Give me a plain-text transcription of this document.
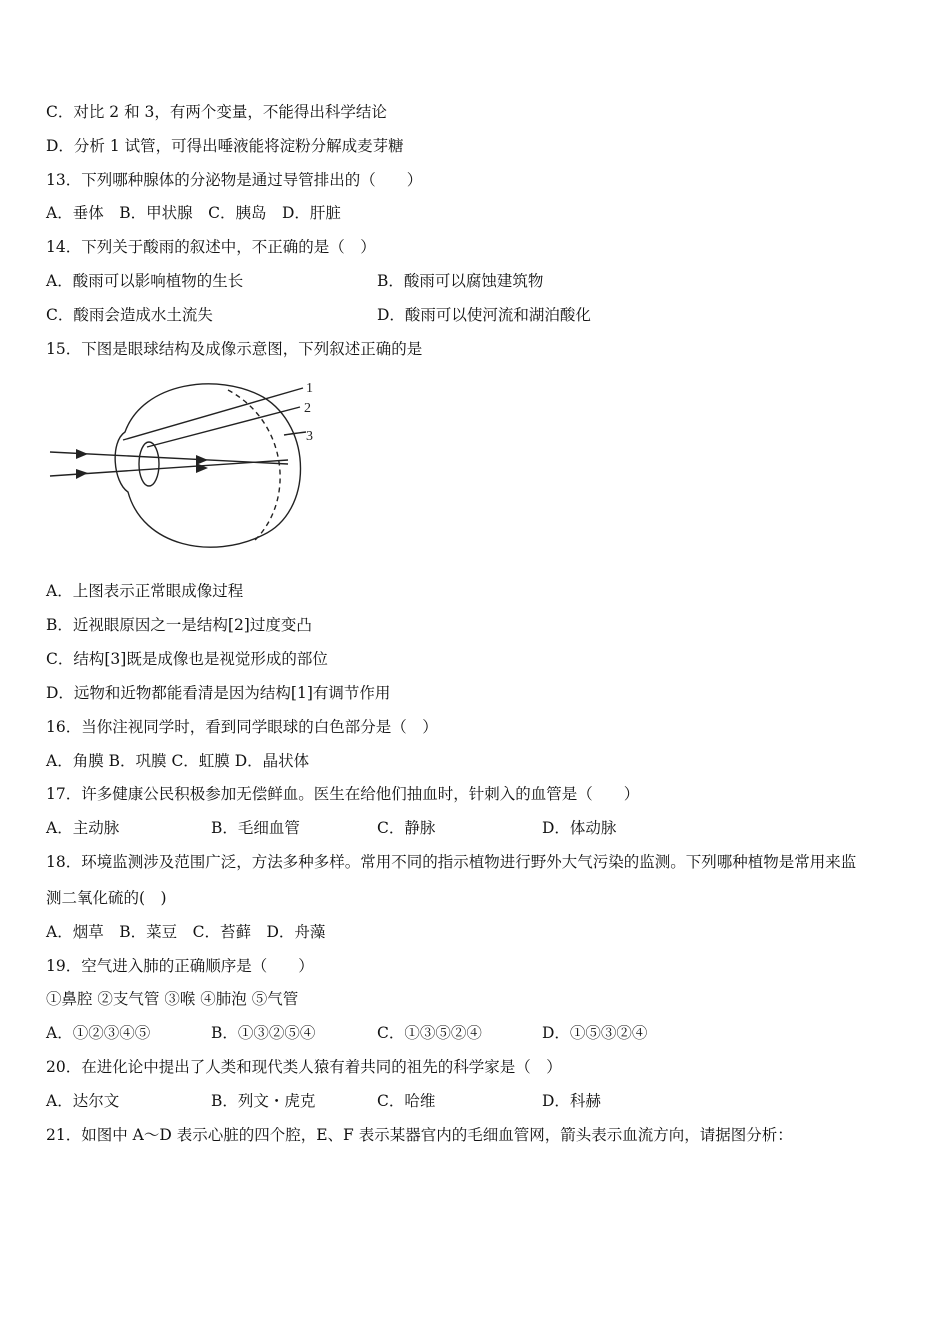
C．对比 2 和 3，有两个变量，不能得出科学结论
D．分析 1 试管，可得出唾液能将淀粉分解成麦芽糖
13．下列哪种腺体的分泌物是通过导管排出的（　　）
A．垂体　B．甲状腺　C．胰岛　D．肝脏
14．下列关于酸雨的叙述中，不正确的是（　）
A．酸雨可以影响植物的生长	B．酸雨可以腐蚀建筑物
C．酸雨会造成水土流失	D．酸雨可以使河流和湖泊酸化
15．下图是眼球结构及成像示意图，下列叙述正确的是
1
2
3
A．上图表示正常眼成像过程
B．近视眼原因之一是结构[2]过度变凸
C．结构[3]既是成像也是视觉形成的部位
D．远物和近物都能看清是因为结构[1]有调节作用
16．当你注视同学时，看到同学眼球的白色部分是（　）
A．角膜 B．巩膜 C．虹膜 D．晶状体
17．许多健康公民积极参加无偿鲜血。医生在给他们抽血时，针刺入的血管是（　　）
A．主动脉	B．毛细血管	C．静脉	D．体动脉
18．环境监测涉及范围广泛，方法多种多样。常用不同的指示植物进行野外大气污染的监测。下列哪种植物是常用来监
测二氧化硫的(　)
A．烟草　B．菜豆　C．苔藓　D．舟藻
19．空气进入肺的正确顺序是（　　）
①鼻腔 ②支气管 ③喉 ④肺泡 ⑤气管
A．①②③④⑤	B．①③②⑤④	C．①③⑤②④	D．①⑤③②④
20．在进化论中提出了人类和现代类人猿有着共同的祖先的科学家是（　）
A．达尔文	B．列文・虎克	C．哈维	D．科赫
21．如图中 A～D 表示心脏的四个腔，E、F 表示某器官内的毛细血管网，箭头表示血流方向，请据图分析：
